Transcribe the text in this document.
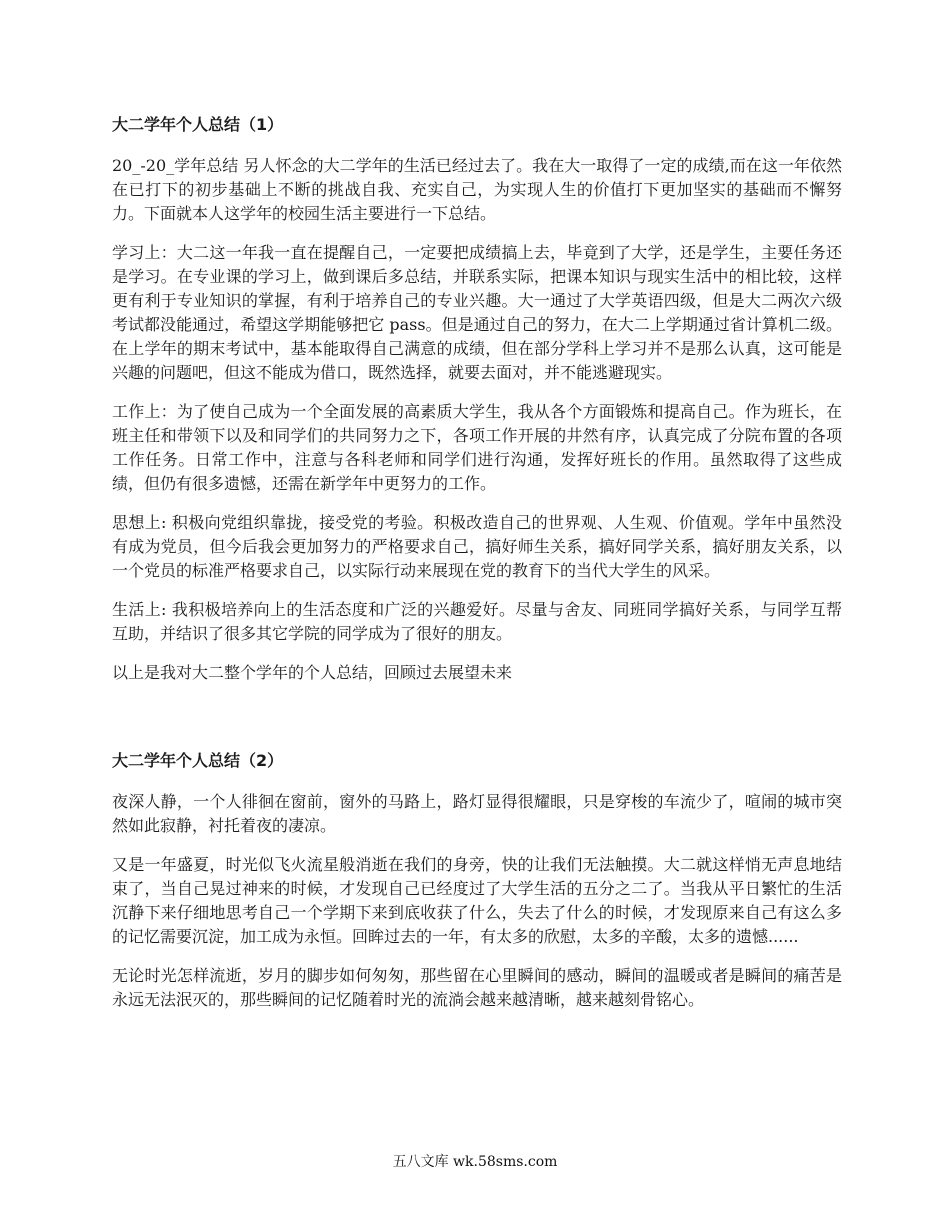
大二学年个人总结（1）

20_-20_学年总结 另人怀念的大二学年的生活已经过去了。我在大一取得了一定的成绩,而在这一年依然在已打下的初步基础上不断的挑战自我、充实自己，为实现人生的价值打下更加坚实的基础而不懈努力。下面就本人这学年的校园生活主要进行一下总结。

学习上：大二这一年我一直在提醒自己，一定要把成绩搞上去，毕竟到了大学，还是学生，主要任务还是学习。在专业课的学习上，做到课后多总结，并联系实际，把课本知识与现实生活中的相比较，这样更有利于专业知识的掌握，有利于培养自己的专业兴趣。大一通过了大学英语四级，但是大二两次六级考试都没能通过，希望这学期能够把它 pass。但是通过自己的努力，在大二上学期通过省计算机二级。在上学年的期末考试中，基本能取得自己满意的成绩，但在部分学科上学习并不是那么认真，这可能是兴趣的问题吧，但这不能成为借口，既然选择，就要去面对，并不能逃避现实。

工作上：为了使自己成为一个全面发展的高素质大学生，我从各个方面锻炼和提高自己。作为班长，在班主任和带领下以及和同学们的共同努力之下，各项工作开展的井然有序，认真完成了分院布置的各项工作任务。日常工作中，注意与各科老师和同学们进行沟通，发挥好班长的作用。虽然取得了这些成绩，但仍有很多遗憾，还需在新学年中更努力的工作。

思想上: 积极向党组织靠拢，接受党的考验。积极改造自己的世界观、人生观、价值观。学年中虽然没有成为党员，但今后我会更加努力的严格要求自己，搞好师生关系，搞好同学关系，搞好朋友关系，以一个党员的标准严格要求自己，以实际行动来展现在党的教育下的当代大学生的风采。

生活上: 我积极培养向上的生活态度和广泛的兴趣爱好。尽量与舍友、同班同学搞好关系，与同学互帮互助，并结识了很多其它学院的同学成为了很好的朋友。

以上是我对大二整个学年的个人总结，回顾过去展望未来

大二学年个人总结（2）

夜深人静，一个人徘徊在窗前，窗外的马路上，路灯显得很耀眼，只是穿梭的车流少了，喧闹的城市突然如此寂静，衬托着夜的凄凉。

又是一年盛夏，时光似飞火流星般消逝在我们的身旁，快的让我们无法触摸。大二就这样悄无声息地结束了，当自己晃过神来的时候，才发现自己已经度过了大学生活的五分之二了。当我从平日繁忙的生活沉静下来仔细地思考自己一个学期下来到底收获了什么，失去了什么的时候，才发现原来自己有这么多的记忆需要沉淀，加工成为永恒。回眸过去的一年，有太多的欣慰，太多的辛酸，太多的遗憾......

无论时光怎样流逝，岁月的脚步如何匆匆，那些留在心里瞬间的感动，瞬间的温暖或者是瞬间的痛苦是永远无法泯灭的，那些瞬间的记忆随着时光的流淌会越来越清晰，越来越刻骨铭心。

五八文库 wk.58sms.com
